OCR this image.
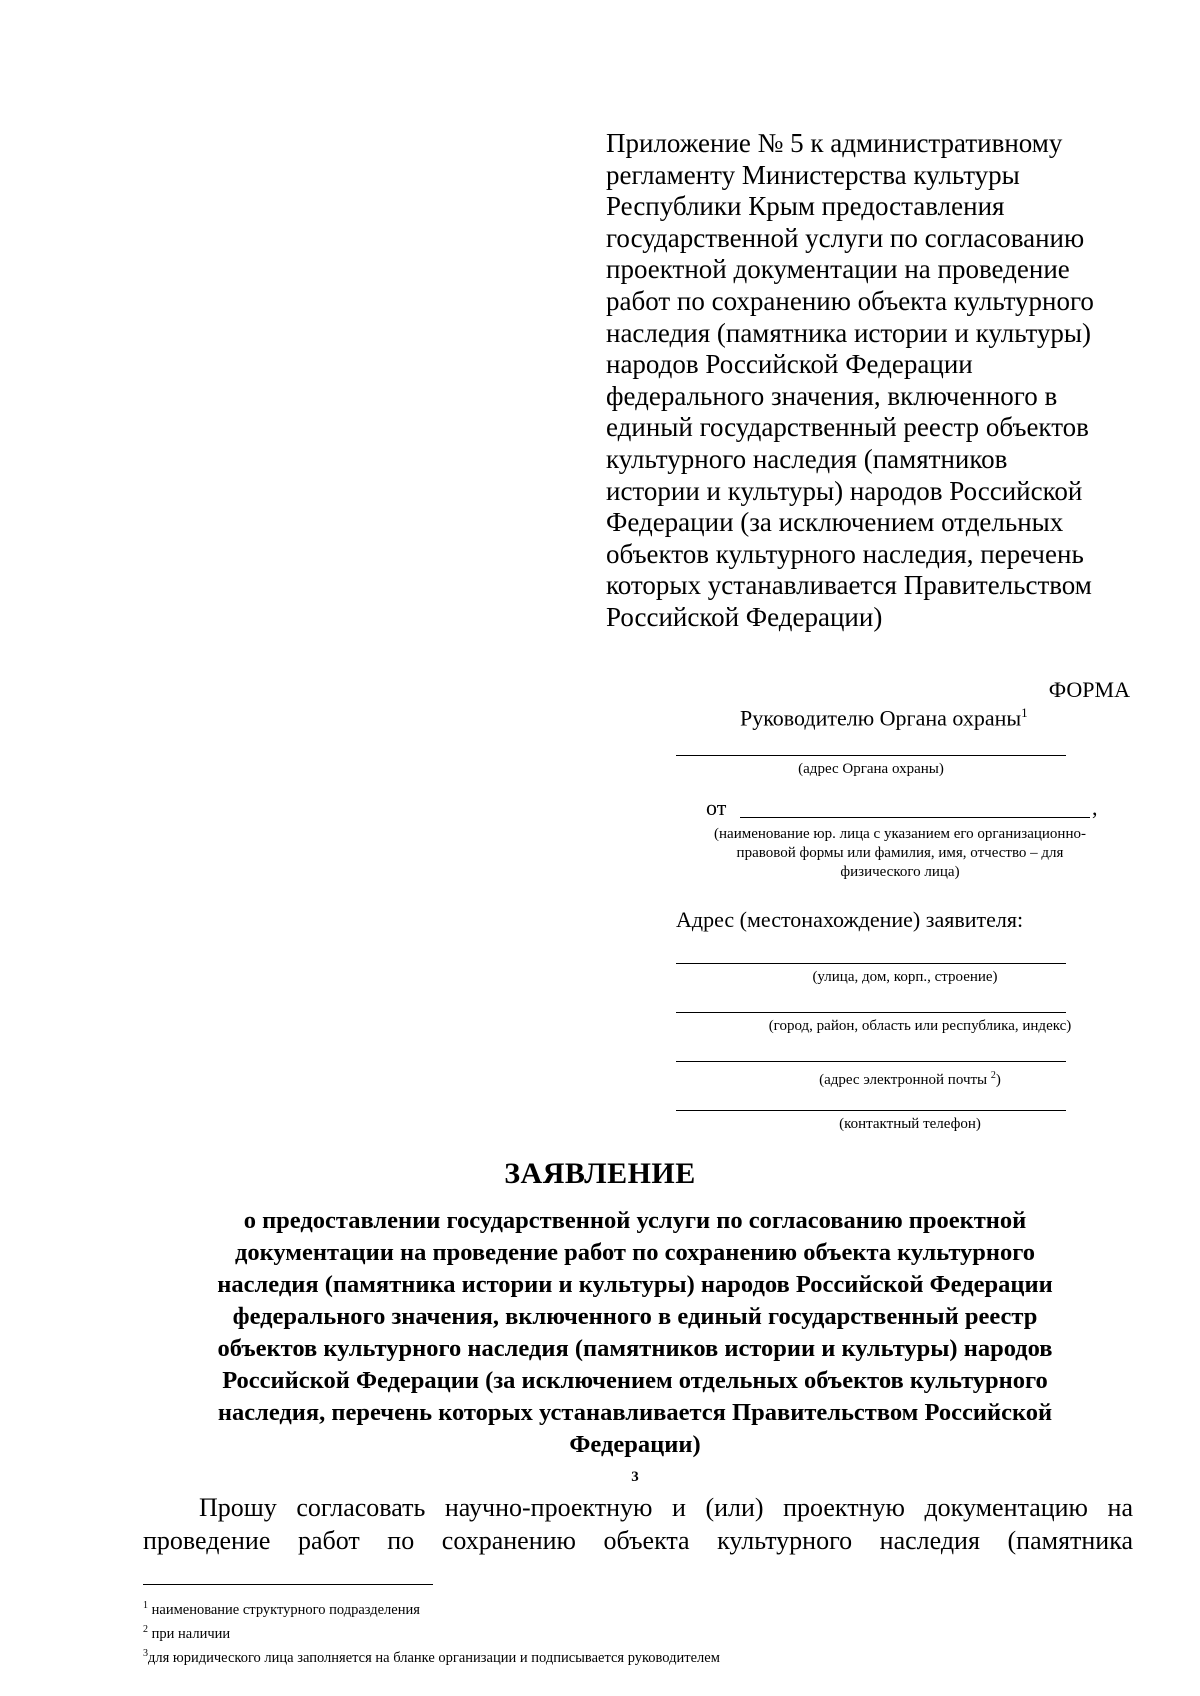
Приложение № 5 к административному
регламенту Министерства культуры
Республики Крым предоставления
государственной услуги по согласованию
проектной документации на проведение
работ по сохранению объекта культурного
наследия (памятника истории и культуры)
народов Российской Федерации
федерального значения, включенного в
единый государственный реестр объектов
культурного наследия (памятников
истории и культуры) народов Российской
Федерации (за исключением отдельных
объектов культурного наследия, перечень
которых устанавливается Правительством
Российской Федерации)

ФОРМА
Руководителю Органа охраны$^1$
(адрес Органа охраны)
от	,
(наименование юр. лица с указанием его организационно-
правовой формы или фамилия, имя, отчество – для
физического лица)
Адрес (местонахождение) заявителя:
(улица, дом, корп., строение)
(город, район, область или республика, индекс)
(адрес электронной почты $^2$)
(контактный телефон)
ЗАЯВЛЕНИЕ
о предоставлении государственной услуги по согласованию проектной
документации на проведение работ по сохранению объекта культурного
наследия (памятника истории и культуры) народов Российской Федерации
федерального значения, включенного в единый государственный реестр
объектов культурного наследия (памятников истории и культуры) народов
Российской Федерации (за исключением отдельных объектов культурного
наследия, перечень которых устанавливается Правительством Российской
Федерации)
$^3$
Прошу согласовать научно-проектную и (или) проектную документацию на
проведение работ по сохранению объекта культурного наследия (памятника
$^1$ наименование структурного подразделения
$^2$ при наличии
$^3$для юридического лица заполняется на бланке организации и подписывается руководителем
